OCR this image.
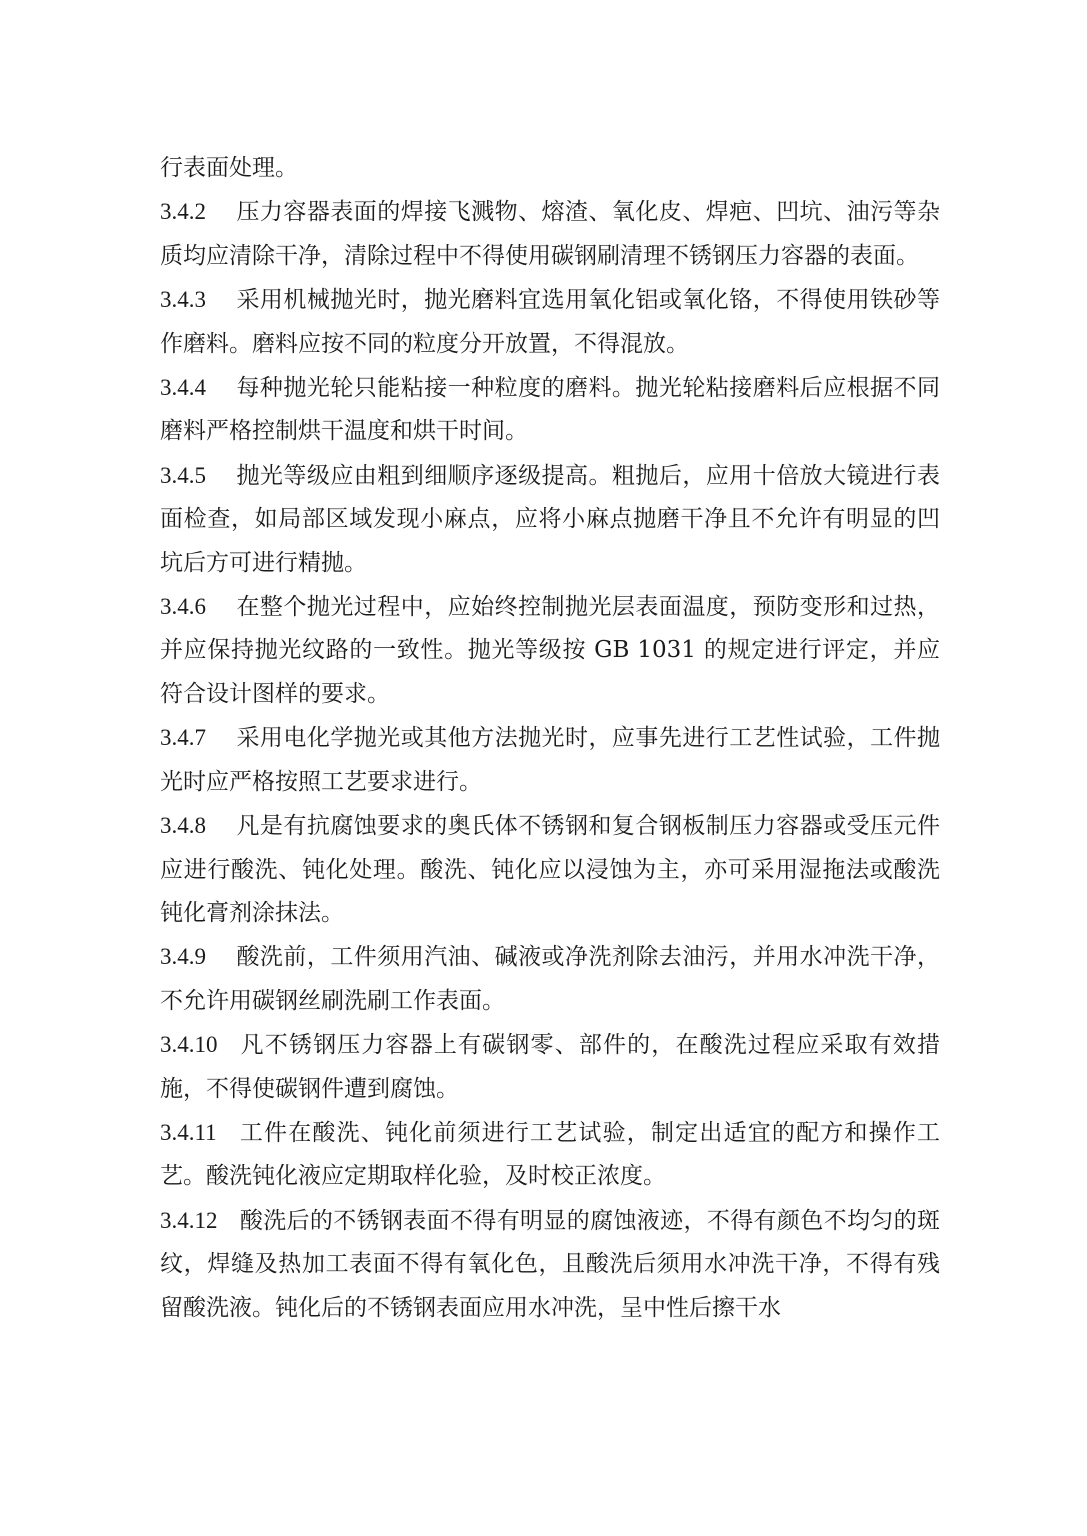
行表面处理。

3.4.2 压力容器表面的焊接飞溅物、熔渣、氧化皮、焊疤、凹坑、油污等杂质均应清除干净，清除过程中不得使用碳钢刷清理不锈钢压力容器的表面。

3.4.3 采用机械抛光时，抛光磨料宜选用氧化铝或氧化铬，不得使用铁砂等作磨料。磨料应按不同的粒度分开放置，不得混放。

3.4.4 每种抛光轮只能粘接一种粒度的磨料。抛光轮粘接磨料后应根据不同磨料严格控制烘干温度和烘干时间。

3.4.5 抛光等级应由粗到细顺序逐级提高。粗抛后，应用十倍放大镜进行表面检查，如局部区域发现小麻点，应将小麻点抛磨干净且不允许有明显的凹坑后方可进行精抛。

3.4.6 在整个抛光过程中，应始终控制抛光层表面温度，预防变形和过热，并应保持抛光纹路的一致性。抛光等级按 GB 1031 的规定进行评定，并应符合设计图样的要求。

3.4.7 采用电化学抛光或其他方法抛光时，应事先进行工艺性试验，工件抛光时应严格按照工艺要求进行。

3.4.8 凡是有抗腐蚀要求的奥氏体不锈钢和复合钢板制压力容器或受压元件应进行酸洗、钝化处理。酸洗、钝化应以浸蚀为主，亦可采用湿拖法或酸洗钝化膏剂涂抹法。

3.4.9 酸洗前，工件须用汽油、碱液或净洗剂除去油污，并用水冲洗干净，不允许用碳钢丝刷洗刷工作表面。

3.4.10 凡不锈钢压力容器上有碳钢零、部件的，在酸洗过程应采取有效措施，不得使碳钢件遭到腐蚀。

3.4.11 工件在酸洗、钝化前须进行工艺试验，制定出适宜的配方和操作工艺。酸洗钝化液应定期取样化验，及时校正浓度。

3.4.12 酸洗后的不锈钢表面不得有明显的腐蚀液迹，不得有颜色不均匀的斑纹，焊缝及热加工表面不得有氧化色，且酸洗后须用水冲洗干净，不得有残留酸洗液。钝化后的不锈钢表面应用水冲洗，呈中性后擦干水
